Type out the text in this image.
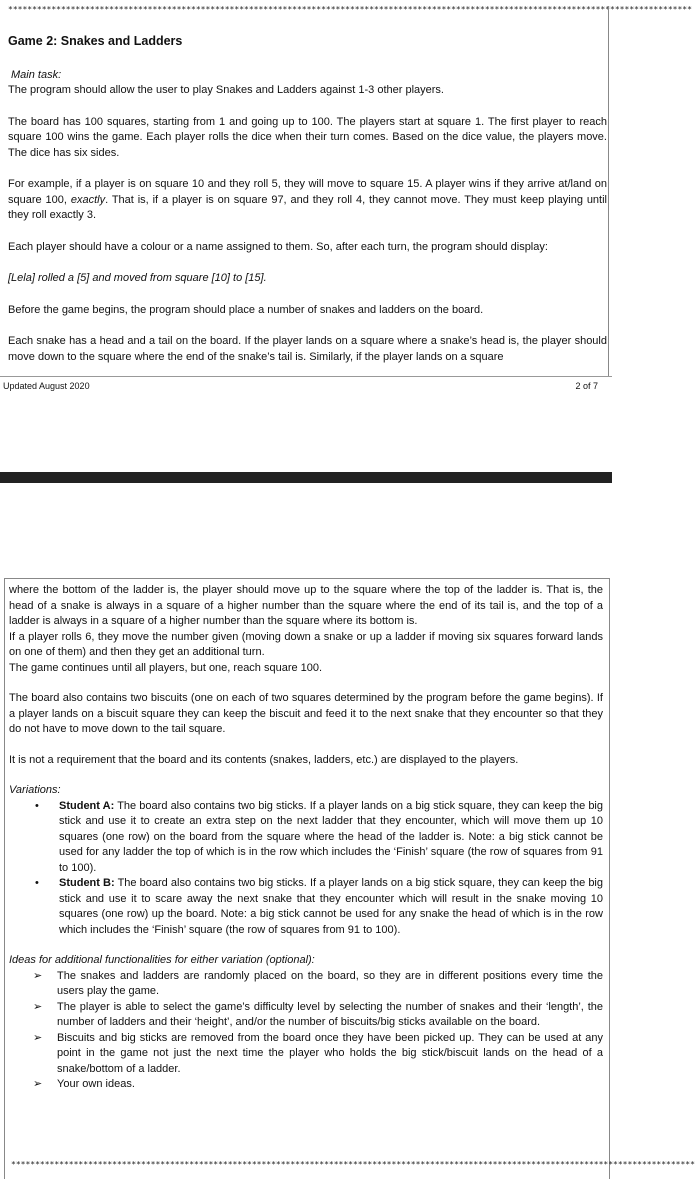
**********************************************************************************************************************************************
Game 2: Snakes and Ladders
Main task:

The program should allow the user to play Snakes and Ladders against 1-3 other players.

The board has 100 squares, starting from 1 and going up to 100. The players start at square 1. The first player to reach square 100 wins the game. Each player rolls the dice when their turn comes. Based on the dice value, the players move. The dice has six sides.

For example, if a player is on square 10 and they roll 5, they will move to square 15. A player wins if they arrive at/land on square 100, exactly. That is, if a player is on square 97, and they roll 4, they cannot move. They must keep playing until they roll exactly 3.

Each player should have a colour or a name assigned to them. So, after each turn, the program should display:

[Lela] rolled a [5] and moved from square [10] to [15].

Before the game begins, the program should place a number of snakes and ladders on the board.

Each snake has a head and a tail on the board. If the player lands on a square where a snake’s head is, the player should move down to the square where the end of the snake’s tail is. Similarly, if the player lands on a square

Updated August 2020	2 of 7

where the bottom of the ladder is, the player should move up to the square where the top of the ladder is. That is, the head of a snake is always in a square of a higher number than the square where the end of its tail is, and the top of a ladder is always in a square of a higher number than the square where its bottom is.

If a player rolls 6, they move the number given (moving down a snake or up a ladder if moving six squares forward lands on one of them) and then they get an additional turn.

The game continues until all players, but one, reach square 100.

The board also contains two biscuits (one on each of two squares determined by the program before the game begins). If a player lands on a biscuit square they can keep the biscuit and feed it to the next snake that they encounter so that they do not have to move down to the tail square.

It is not a requirement that the board and its contents (snakes, ladders, etc.) are displayed to the players.

Variations:
• Student A: The board also contains two big sticks. If a player lands on a big stick square, they can keep the big stick and use it to create an extra step on the next ladder that they encounter, which will move them up 10 squares (one row) on the board from the square where the head of the ladder is. Note: a big stick cannot be used for any ladder the top of which is in the row which includes the ‘Finish’ square (the row of squares from 91 to 100).
• Student B: The board also contains two big sticks. If a player lands on a big stick square, they can keep the big stick and use it to scare away the next snake that they encounter which will result in the snake moving 10 squares (one row) up the board. Note: a big stick cannot be used for any snake the head of which is in the row which includes the ‘Finish’ square (the row of squares from 91 to 100).
Ideas for additional functionalities for either variation (optional):
➢ The snakes and ladders are randomly placed on the board, so they are in different positions every time the users play the game.
➢ The player is able to select the game’s difficulty level by selecting the number of snakes and their ‘length’, the number of ladders and their ‘height’, and/or the number of biscuits/big sticks available on the board.
➢ Biscuits and big sticks are removed from the board once they have been picked up. They can be used at any point in the game not just the next time the player who holds the big stick/biscuit lands on the head of a snake/bottom of a ladder.
➢ Your own ideas.
**********************************************************************************************************************************************
